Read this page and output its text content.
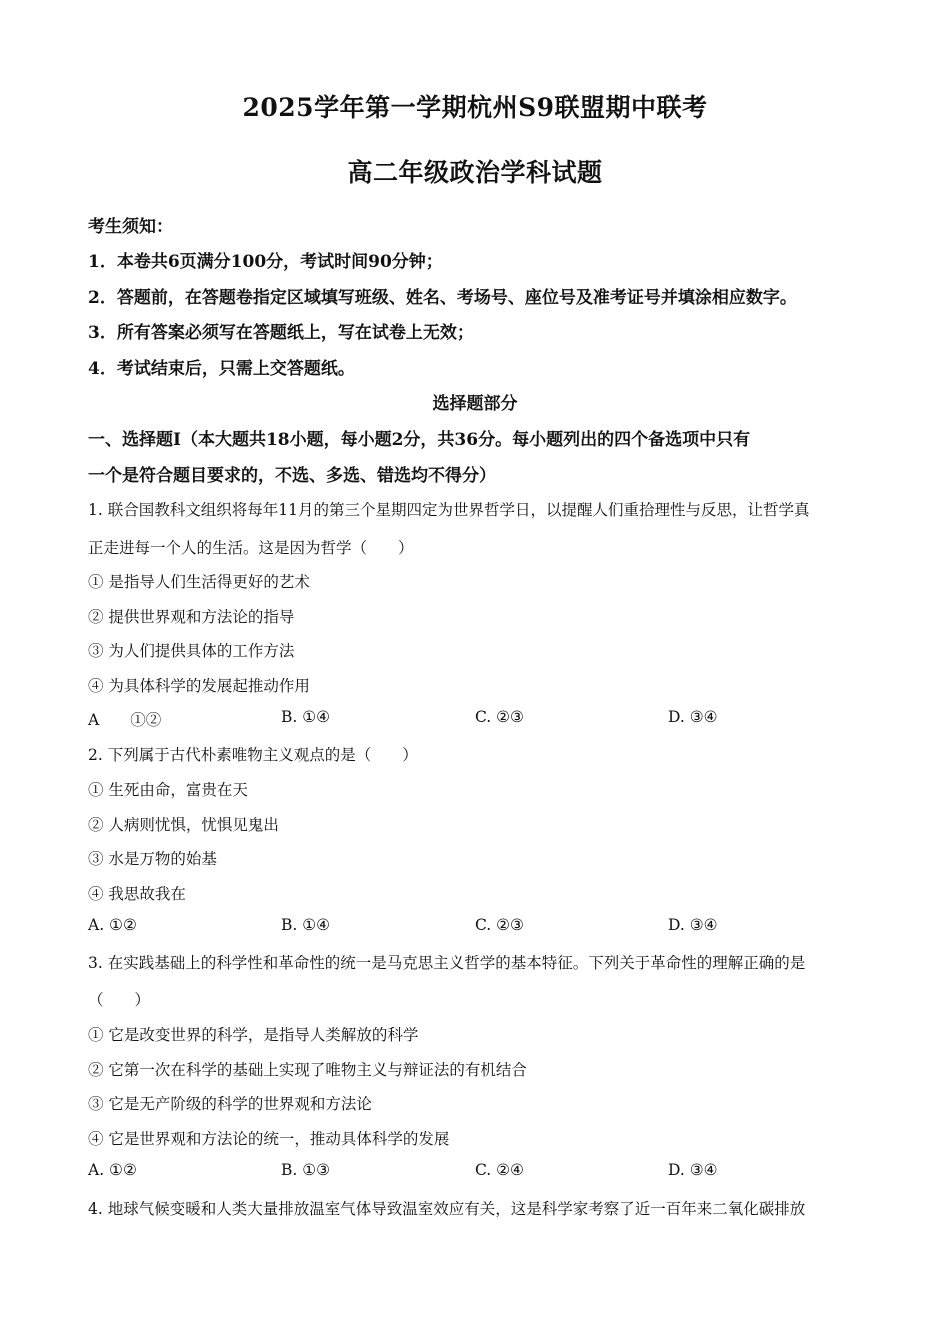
2025学年第一学期杭州S9联盟期中联考
高二年级政治学科试题
考生须知：
1．本卷共6页满分100分，考试时间90分钟；
2．答题前，在答题卷指定区域填写班级、姓名、考场号、座位号及准考证号并填涂相应数字。
3．所有答案必须写在答题纸上，写在试卷上无效；
4．考试结束后，只需上交答题纸。
选择题部分
一、选择题Ⅰ（本大题共18小题，每小题2分，共36分。每小题列出的四个备选项中只有
一个是符合题目要求的，不选、多选、错选均不得分）
1. 联合国教科文组织将每年11月的第三个星期四定为世界哲学日，以提醒人们重拾理性与反思，让哲学真
正走进每一个人的生活。这是因为哲学（　　）
① 是指导人们生活得更好的艺术
② 提供世界观和方法论的指导
③ 为人们提供具体的工作方法
④ 为具体科学的发展起推动作用
A　　①②	B. ①④	C. ②③	D. ③④
2. 下列属于古代朴素唯物主义观点的是（　　）
① 生死由命，富贵在天
② 人病则忧惧，忧惧见鬼出
③ 水是万物的始基
④ 我思故我在
A. ①②	B. ①④	C. ②③	D. ③④
3. 在实践基础上的科学性和革命性的统一是马克思主义哲学的基本特征。下列关于革命性的理解正确的是
（　　）
① 它是改变世界的科学，是指导人类解放的科学
② 它第一次在科学的基础上实现了唯物主义与辩证法的有机结合
③ 它是无产阶级的科学的世界观和方法论
④ 它是世界观和方法论的统一，推动具体科学的发展
A. ①②	B. ①③	C. ②④	D. ③④
4. 地球气候变暖和人类大量排放温室气体导致温室效应有关，这是科学家考察了近一百年来二氧化碳排放
